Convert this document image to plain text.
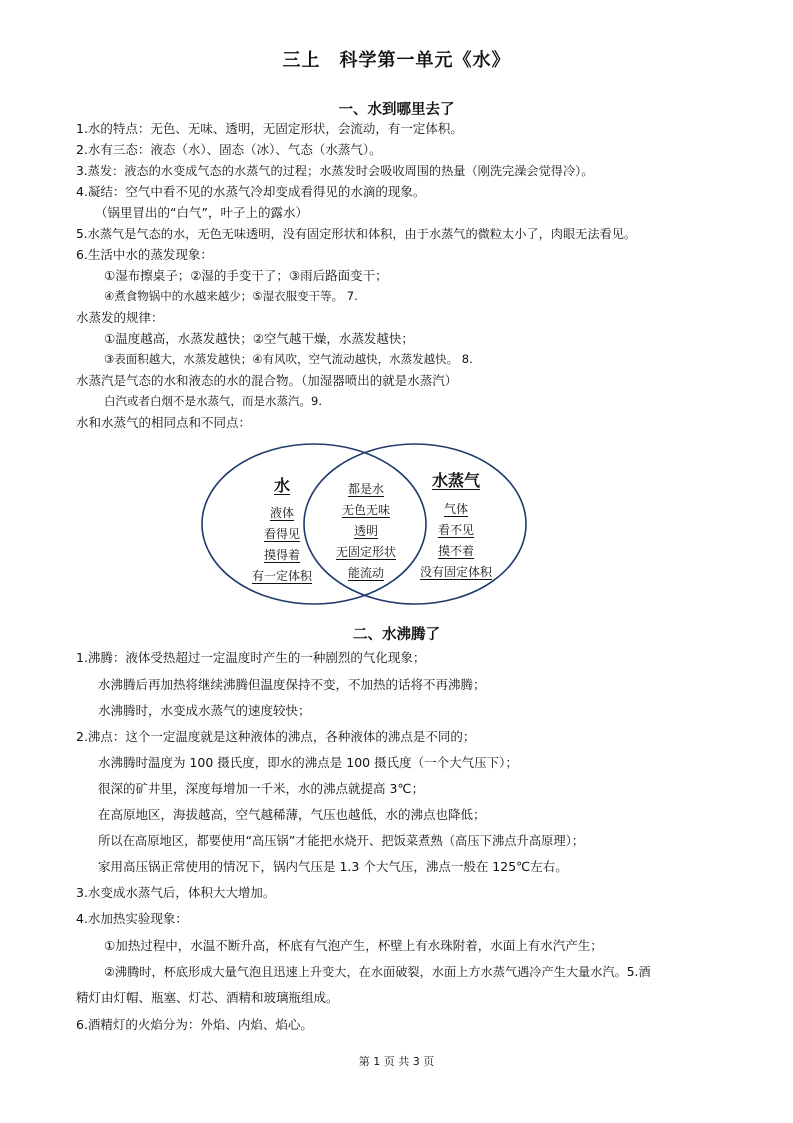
三上　科学第一单元《水》
一、水到哪里去了
1.水的特点：无色、无味、透明，无固定形状，会流动，有一定体积。
2.水有三态：液态（水）、固态（冰）、气态（水蒸气）。
3.蒸发：液态的水变成气态的水蒸气的过程；水蒸发时会吸收周围的热量（刚洗完澡会觉得冷）。
4.凝结：空气中看不见的水蒸气冷却变成看得见的水滴的现象。
（锅里冒出的“白气”，叶子上的露水）
5.水蒸气是气态的水，无色无味透明，没有固定形状和体积，由于水蒸气的微粒太小了，肉眼无法看见。
6.生活中水的蒸发现象：
①湿布擦桌子；②湿的手变干了；③雨后路面变干；
④煮食物锅中的水越来越少；⑤湿衣服变干等。 7.
水蒸发的规律：
①温度越高，水蒸发越快；②空气越干燥，水蒸发越快；
③表面积越大，水蒸发越快；④有风吹，空气流动越快，水蒸发越快。 8.
水蒸汽是气态的水和液态的水的混合物。（加湿器喷出的就是水蒸汽）
白汽或者白烟不是水蒸气，而是水蒸汽。9.
水和水蒸气的相同点和不同点：
水
液体
看得见
摸得着
有一定体积
都是水
无色无味
透明
无固定形状
能流动
水蒸气
气体
看不见
摸不着
没有固定体积
二、水沸腾了
1.沸腾：液体受热超过一定温度时产生的一种剧烈的气化现象；
水沸腾后再加热将继续沸腾但温度保持不变，不加热的话将不再沸腾；
水沸腾时，水变成水蒸气的速度较快；
2.沸点：这个一定温度就是这种液体的沸点，各种液体的沸点是不同的；
水沸腾时温度为 100 摄氏度，即水的沸点是 100 摄氏度（一个大气压下）；
很深的矿井里，深度每增加一千米，水的沸点就提高 3℃；
在高原地区，海拔越高，空气越稀薄，气压也越低，水的沸点也降低；
所以在高原地区，都要使用“高压锅”才能把水烧开、把饭菜煮熟（高压下沸点升高原理）；
家用高压锅正常使用的情况下，锅内气压是 1.3 个大气压，沸点一般在 125℃左右。
3.水变成水蒸气后，体积大大增加。
4.水加热实验现象：
①加热过程中，水温不断升高，杯底有气泡产生，杯壁上有水珠附着，水面上有水汽产生；
②沸腾时，杯底形成大量气泡且迅速上升变大，在水面破裂，水面上方水蒸气遇冷产生大量水汽。5.酒
精灯由灯帽、瓶塞、灯芯、酒精和玻璃瓶组成。
6.酒精灯的火焰分为：外焰、内焰、焰心。
第 1 页 共 3 页
